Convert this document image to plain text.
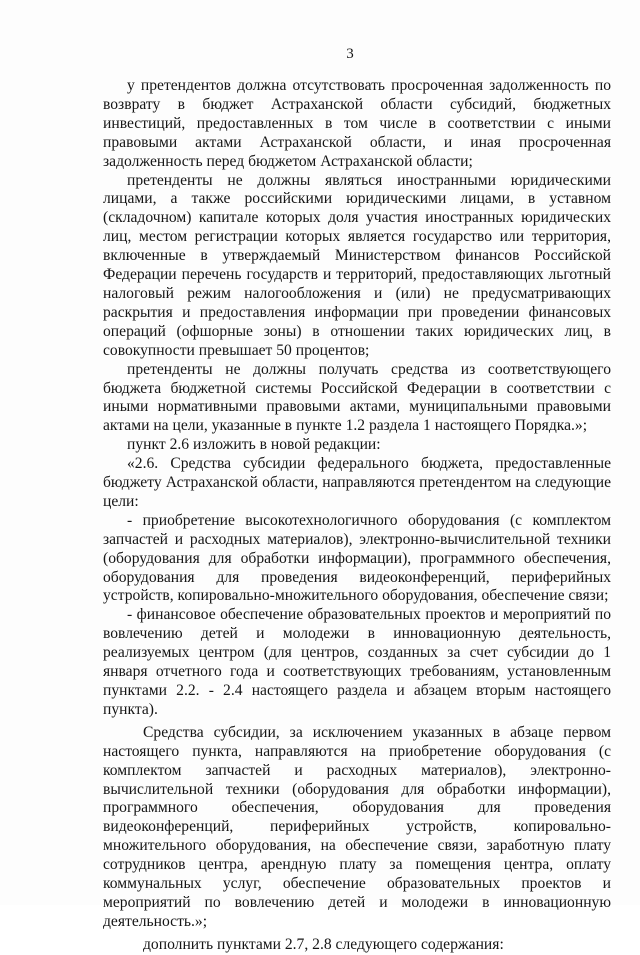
3

у претендентов должна отсутствовать просроченная задолженность по возврату в бюджет Астраханской области субсидий, бюджетных инвестиций, предоставленных в том числе в соответствии с иными правовыми актами Астраханской области, и иная просроченная задолженность перед бюджетом Астраханской области;

претенденты не должны являться иностранными юридическими лицами, а также российскими юридическими лицами, в уставном (складочном) капитале которых доля участия иностранных юридических лиц, местом регистрации которых является государство или территория, включенные в утверждаемый Министерством финансов Российской Федерации перечень государств и территорий, предоставляющих льготный налоговый режим налогообложения и (или) не предусматривающих раскрытия и предоставления информации при проведении финансовых операций (офшорные зоны) в отношении таких юридических лиц, в совокупности превышает 50 процентов;

претенденты не должны получать средства из соответствующего бюджета бюджетной системы Российской Федерации в соответствии с иными нормативными правовыми актами, муниципальными правовыми актами на цели, указанные в пункте 1.2 раздела 1 настоящего Порядка.»;

пункт 2.6 изложить в новой редакции:

«2.6. Средства субсидии федерального бюджета, предоставленные бюджету Астраханской области, направляются претендентом на следующие цели:

- приобретение высокотехнологичного оборудования (с комплектом запчастей и расходных материалов), электронно-вычислительной техники (оборудования для обработки информации), программного обеспечения, оборудования для проведения видеоконференций, периферийных устройств, копировально-множительного оборудования, обеспечение связи;

- финансовое обеспечение образовательных проектов и мероприятий по вовлечению детей и молодежи в инновационную деятельность, реализуемых центром (для центров, созданных за счет субсидии до 1 января отчетного года и соответствующих требованиям, установленным пунктами 2.2. - 2.4 настоящего раздела и абзацем вторым настоящего пункта).

Средства субсидии, за исключением указанных в абзаце первом настоящего пункта, направляются на приобретение оборудования (с комплектом запчастей и расходных материалов), электронно-вычислительной техники (оборудования для обработки информации), программного обеспечения, оборудования для проведения видеоконференций, периферийных устройств, копировально-множительного оборудования, на обеспечение связи, заработную плату сотрудников центра, арендную плату за помещения центра, оплату коммунальных услуг, обеспечение образовательных проектов и мероприятий по вовлечению детей и молодежи в инновационную деятельность.»;

дополнить пунктами 2.7, 2.8 следующего содержания:
